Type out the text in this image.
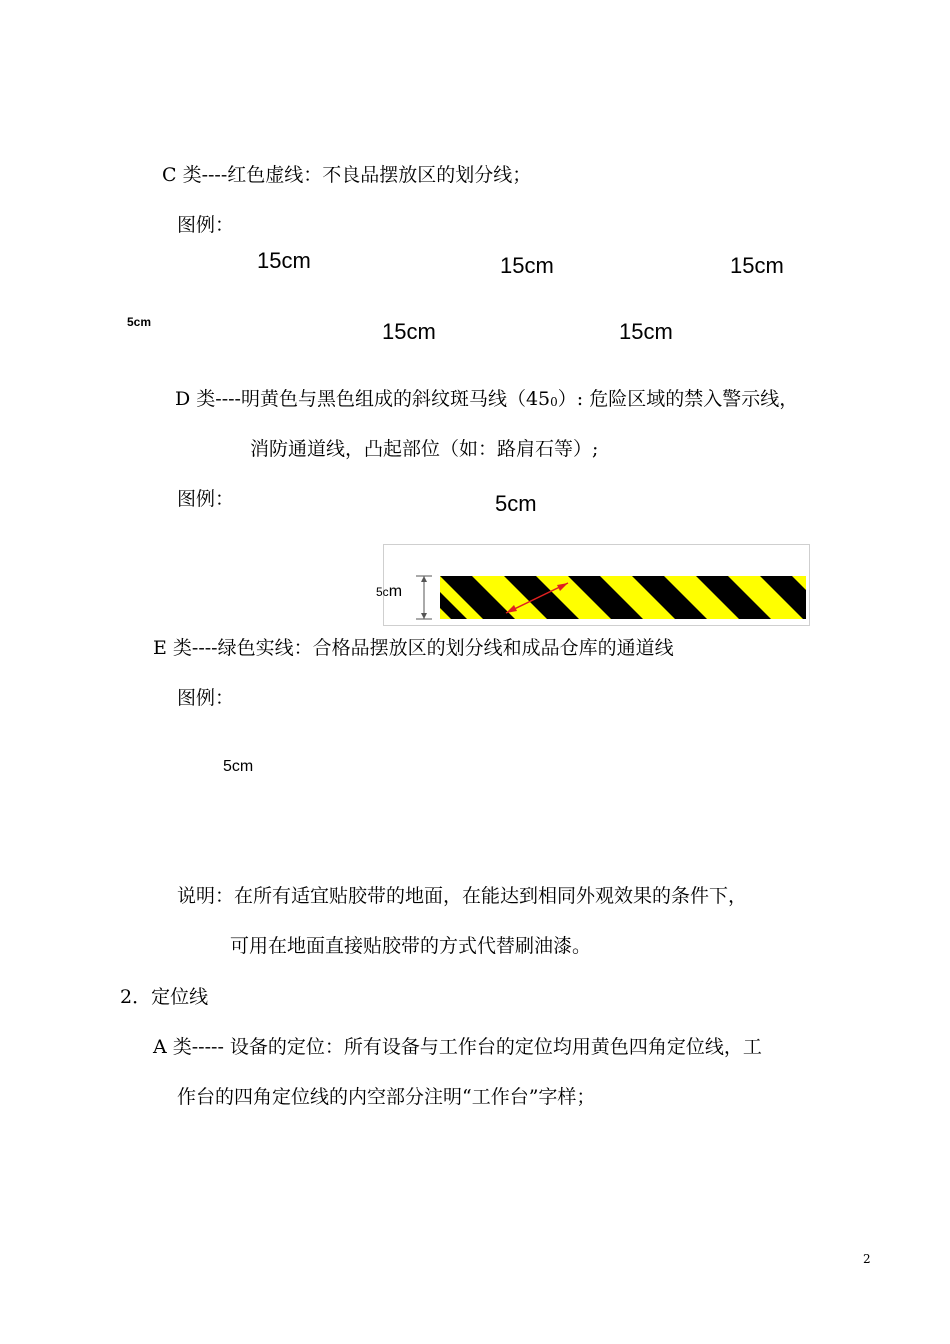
C 类----红色虚线：不良品摆放区的划分线；
图例：
15cm	15cm	15cm
5cm	15cm	15cm
D 类----明黄色与黑色组成的斜纹斑马线（450）: 危险区域的禁入警示线，
消防通道线，凸起部位（如：路肩石等）;
图例：	5cm
5cm
E 类----绿色实线：合格品摆放区的划分线和成品仓库的通道线
图例：
5cm
说明：在所有适宜贴胶带的地面，在能达到相同外观效果的条件下，
可用在地面直接贴胶带的方式代替刷油漆。
2．定位线
A 类----- 设备的定位：所有设备与工作台的定位均用黄色四角定位线，工
作台的四角定位线的内空部分注明“工作台”字样；
2
